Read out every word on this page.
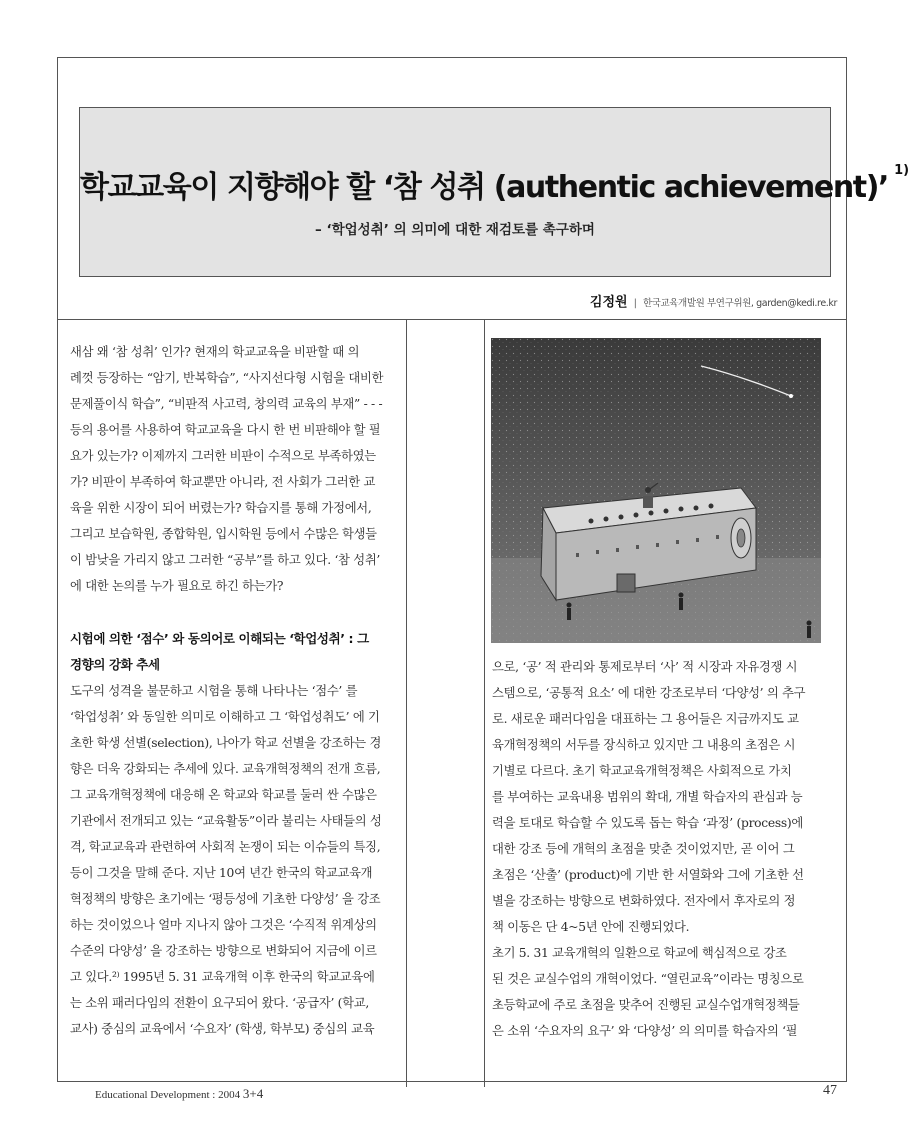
학교교육이 지향해야 할 ‘참 성취 (authentic achievement)’ $^{1)}$
– ‘학업성취’ 의 의미에 대한 재검토를 촉구하며
김정원 | 한국교육개발원 부연구위원, garden@kedi.re.kr
새삼 왜 ‘참 성취’ 인가? 현재의 학교교육을 비판할 때 의
례껏 등장하는 “암기, 반복학습”, “사지선다형 시험을 대비한
문제풀이식 학습”, “비판적 사고력, 창의력 교육의 부재” - - -
등의 용어를 사용하여 학교교육을 다시 한 번 비판해야 할 필
요가 있는가? 이제까지 그러한 비판이 수적으로 부족하였는
가? 비판이 부족하여 학교뿐만 아니라, 전 사회가 그러한 교
육을 위한 시장이 되어 버렸는가? 학습지를 통해 가정에서,
그리고 보습학원, 종합학원, 입시학원 등에서 수많은 학생들
이 밤낮을 가리지 않고 그러한 “공부”를 하고 있다. ‘참 성취’
에 대한 논의를 누가 필요로 하긴 하는가?
시험에 의한 ‘점수’ 와 동의어로 이해되는 ‘학업성취’ : 그
경향의 강화 추세
도구의 성격을 불문하고 시험을 통해 나타나는 ‘점수’ 를
‘학업성취’ 와 동일한 의미로 이해하고 그 ‘학업성취도’ 에 기
초한 학생 선별(selection), 나아가 학교 선별을 강조하는 경
향은 더욱 강화되는 추세에 있다. 교육개혁정책의 전개 흐름,
그 교육개혁정책에 대응해 온 학교와 학교를 둘러 싼 수많은
기관에서 전개되고 있는 “교육활동”이라 불리는 사태들의 성
격, 학교교육과 관련하여 사회적 논쟁이 되는 이슈들의 특징,
등이 그것을 말해 준다. 지난 10여 년간 한국의 학교교육개
혁정책의 방향은 초기에는 ‘평등성에 기초한 다양성’ 을 강조
하는 것이었으나 얼마 지나지 않아 그것은 ‘수직적 위계상의
수준의 다양성’ 을 강조하는 방향으로 변화되어 지금에 이르
고 있다.²⁾ 1995년 5. 31 교육개혁 이후 한국의 학교교육에
는 소위 패러다임의 전환이 요구되어 왔다. ‘공급자’ (학교,
교사) 중심의 교육에서 ‘수요자’ (학생, 학부모) 중심의 교육
으로, ‘공’ 적 관리와 통제로부터 ‘사’ 적 시장과 자유경쟁 시
스템으로, ‘공통적 요소’ 에 대한 강조로부터 ‘다양성’ 의 추구
로. 새로운 패러다임을 대표하는 그 용어들은 지금까지도 교
육개혁정책의 서두를 장식하고 있지만 그 내용의 초점은 시
기별로 다르다. 초기 학교교육개혁정책은 사회적으로 가치
를 부여하는 교육내용 범위의 확대, 개별 학습자의 관심과 능
력을 토대로 학습할 수 있도록 돕는 학습 ‘과정’ (process)에
대한 강조 등에 개혁의 초점을 맞춘 것이었지만, 곧 이어 그
초점은 ‘산출’ (product)에 기반 한 서열화와 그에 기초한 선
별을 강조하는 방향으로 변화하였다. 전자에서 후자로의 정
책 이동은 단 4~5년 안에 진행되었다.
초기 5. 31 교육개혁의 일환으로 학교에 핵심적으로 강조
된 것은 교실수업의 개혁이었다. “열린교육”이라는 명칭으로
초등학교에 주로 초점을 맞추어 진행된 교실수업개혁정책들
은 소위 ‘수요자의 요구’ 와 ‘다양성’ 의 의미를 학습자의 ‘필
Educational Development : 2004 3+4	47
